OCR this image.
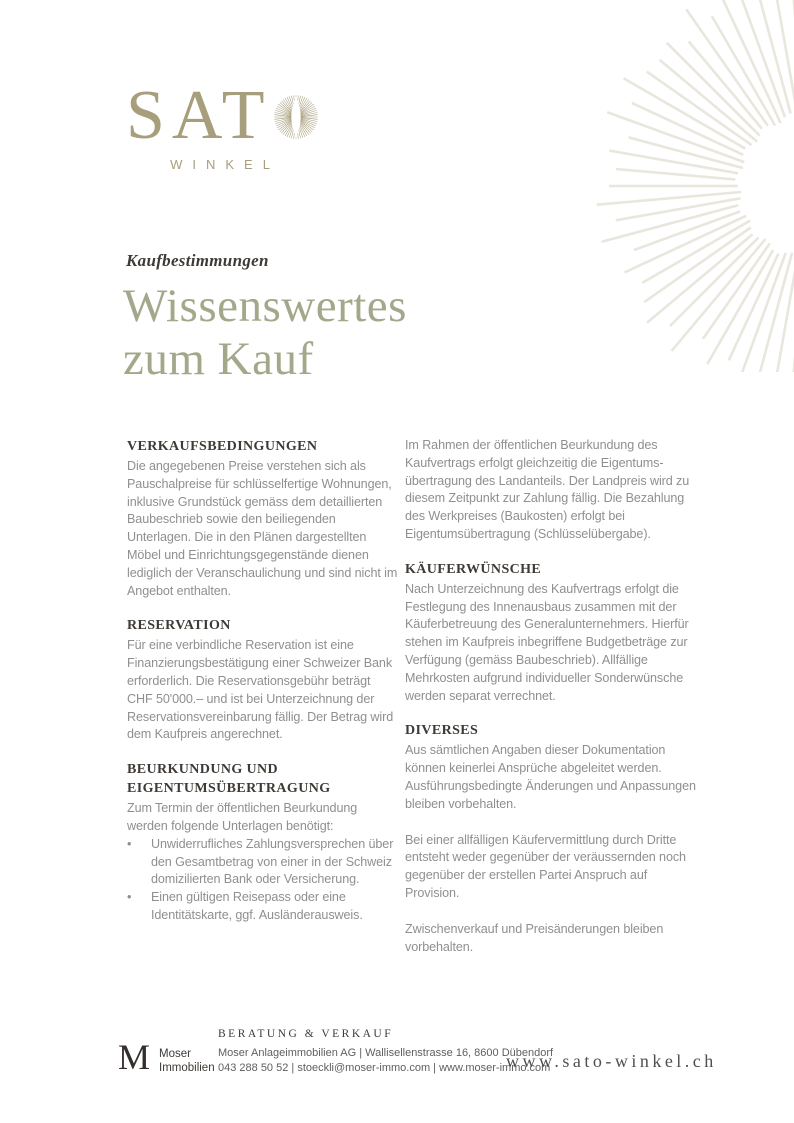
SAT
WINKEL
Kaufbestimmungen
Wissenswertes
zum Kauf
VERKAUFSBEDINGUNGEN

Die angegebenen Preise verstehen sich als Pauschalpreise für schlüsselfertige Wohnungen, inklusive Grundstück gemäss dem detaillierten Baubeschrieb sowie den beiliegenden Unterlagen. Die in den Plänen dargestellten Möbel und Einrichtungsgegenstände dienen lediglich der Veranschaulichung und sind nicht im Angebot enthalten.

RESERVATION

Für eine verbindliche Reservation ist eine Finanzierungsbestätigung einer Schweizer Bank erforderlich. Die Reservationsgebühr beträgt CHF 50'000.– und ist bei Unterzeichnung der Reservationsvereinbarung fällig. Der Betrag wird dem Kaufpreis angerechnet.

BEURKUNDUNG UND EIGENTUMSÜBERTRAGUNG

Zum Termin der öffentlichen Beurkundung werden folgende Unterlagen benötigt:

•	Unwiderrufliches Zahlungsversprechen über den Gesamtbetrag von einer in der Schweiz domizilierten Bank oder Versicherung.
•	Einen gültigen Reisepass oder eine Identitätskarte, ggf. Ausländerausweis.

Im Rahmen der öffentlichen Beurkundung des Kaufvertrags erfolgt gleichzeitig die Eigentumsübertragung des Landanteils. Der Landpreis wird zu diesem Zeitpunkt zur Zahlung fällig. Die Bezahlung des Werkpreises (Baukosten) erfolgt bei Eigentumsübertragung (Schlüsselübergabe).

KÄUFERWÜNSCHE

Nach Unterzeichnung des Kaufvertrags erfolgt die Festlegung des Innenausbaus zusammen mit der Käuferbetreuung des Generalunternehmers. Hierfür stehen im Kaufpreis inbegriffene Budgetbeträge zur Verfügung (gemäss Baubeschrieb). Allfällige Mehrkosten aufgrund individueller Sonderwünsche werden separat verrechnet.

DIVERSES

Aus sämtlichen Angaben dieser Dokumentation können keinerlei Ansprüche abgeleitet werden. Ausführungsbedingte Änderungen und Anpassungen bleiben vorbehalten.

Bei einer allfälligen Käufervermittlung durch Dritte entsteht weder gegenüber der veräussernden noch gegenüber der erstellen Partei Anspruch auf Provision.

Zwischenverkauf und Preisänderungen bleiben vorbehalten.

M Moser
Immobilien
BERATUNG & VERKAUF
Moser Anlageimmobilien AG | Wallisellenstrasse 16, 8600 Dübendorf
043 288 50 52 | stoeckli@moser-immo.com | www.moser-immo.com
www.sato-winkel.ch
